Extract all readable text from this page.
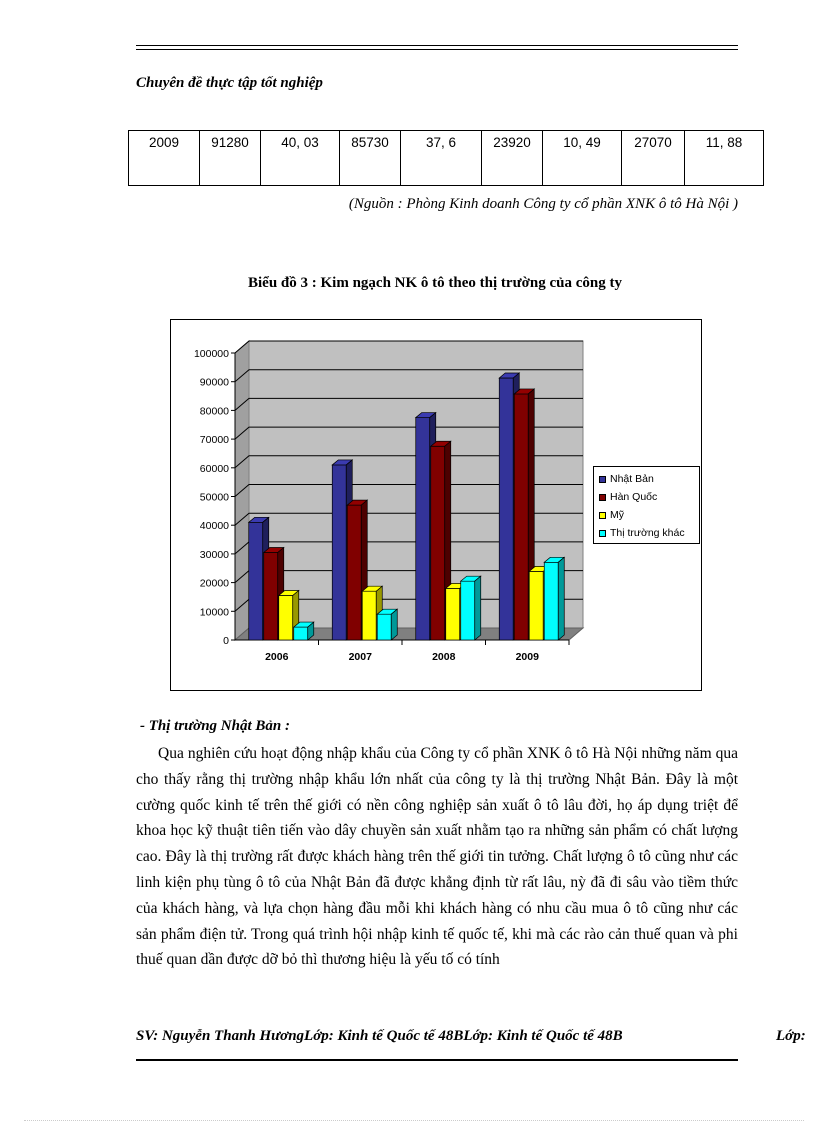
Chuyên đề thực tập tốt nghiệp
2009	91280	40, 03	85730	37, 6	23920	10, 49	27070	11, 88
(Nguồn : Phòng Kinh doanh Công ty cổ phần XNK ô tô Hà Nội )
Biểu đồ 3 : Kim ngạch NK ô tô theo thị trường của công ty
0
10000
20000
30000
40000
50000
60000
70000
80000
90000
100000
2006	2007	2008	2009
Nhật Bản
Hàn Quốc
Mỹ
Thị trường khác
- Thị trường Nhật Bản :

Qua nghiên cứu hoạt động nhập khẩu của Công ty cổ phần XNK ô tô Hà Nội những năm qua cho thấy rằng thị trường nhập khẩu lớn nhất của công ty là thị trường Nhật Bản. Đây là một cường quốc kinh tế trên thế giới có nền công nghiệp sản xuất ô tô lâu đời, họ áp dụng triệt để khoa học kỹ thuật tiên tiến vào dây chuyền sản xuất nhằm tạo ra những sản phẩm có chất lượng cao. Đây là thị trường rất được khách hàng trên thế giới tin tưởng. Chất lượng ô tô cũng như các linh kiện phụ tùng ô tô của Nhật Bản đã được khẳng định từ rất lâu, nỳ đã đi sâu vào tiềm thức của khách hàng, và lựa chọn hàng đầu mỗi khi khách hàng có nhu cầu mua ô tô cũng như các sản phẩm điện tử. Trong quá trình hội nhập kinh tế quốc tế, khi mà các rào cản thuế quan và phi thuế quan dần được dỡ bỏ thì thương hiệu là yếu tố có tính

SV: Nguyễn Thanh HươngLớp: Kinh tế Quốc tế 48BLớp: Kinh tế Quốc tế 48B	Lớp:
